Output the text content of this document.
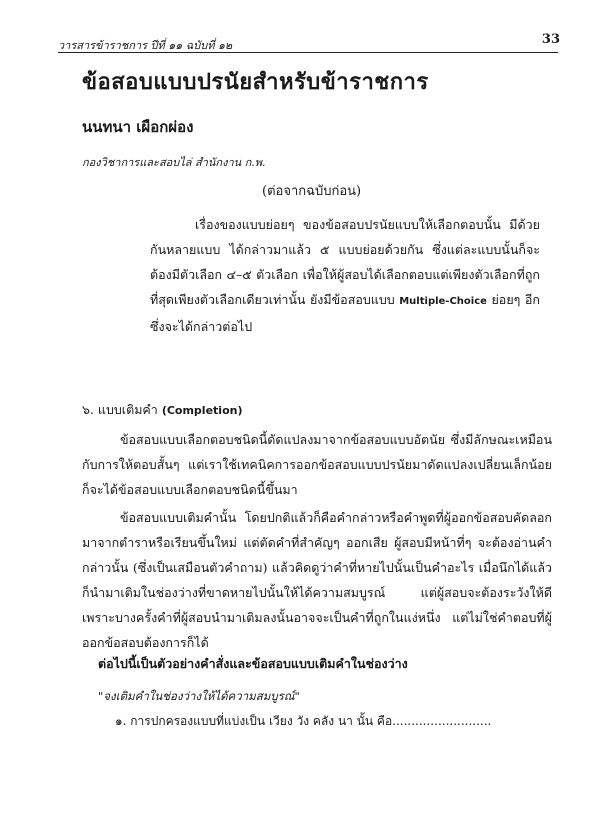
วารสารข้าราชการ ปีที่ ๑๑ ฉบับที่ ๑๒	33
ข้อสอบแบบปรนัยสำหรับข้าราชการ
นนทนา เผือกผ่อง
กองวิชาการและสอบไล่ สำนักงาน ก.พ.
(ต่อจากฉบับก่อน)
เรื่องของแบบย่อยๆ ของข้อสอบปรนัยแบบให้เลือกตอบนั้น มีด้วยกันหลายแบบ ได้กล่าวมาแล้ว ๕ แบบย่อยด้วยกัน ซึ่งแต่ละแบบนั้นก็จะต้องมีตัวเลือก ๔–๕ ตัวเลือก เพื่อให้ผู้สอบได้เลือกตอบแต่เพียงตัวเลือกที่ถูกที่สุดเพียงตัวเลือกเดียวเท่านั้น ยังมีข้อสอบแบบ Multiple-Choice ย่อยๆ อีกซึ่งจะได้กล่าวต่อไป
๖. แบบเติมคำ (Completion)
ข้อสอบแบบเลือกตอบชนิดนี้ดัดแปลงมาจากข้อสอบแบบอัตนัย ซึ่งมีลักษณะเหมือนกับการให้ตอบสั้นๆ แต่เราใช้เทคนิคการออกข้อสอบแบบปรนัยมาดัดแปลงเปลี่ยนเล็กน้อยก็จะได้ข้อสอบแบบเลือกตอบชนิดนี้ขึ้นมา
ข้อสอบแบบเติมคำนั้น โดยปกติแล้วก็คือคำกล่าวหรือคำพูดที่ผู้ออกข้อสอบคัดลอกมาจากตำราหรือเรียนขึ้นใหม่ แต่ตัดคำที่สำคัญๆ ออกเสีย ผู้สอบมีหน้าที่ๆ จะต้องอ่านคำกล่าวนั้น (ซึ่งเป็นเสมือนตัวคำถาม) แล้วคิดดูว่าคำที่หายไปนั้นเป็นคำอะไร เมื่อนึกได้แล้ว ก็นำมาเติมในช่องว่างที่ขาดหายไปนั้นให้ได้ความสมบูรณ์ แต่ผู้สอบจะต้องระวังให้ดี เพราะบางครั้งคำที่ผู้สอบนำมาเติมลงนั้นอาจจะเป็นคำที่ถูกในแง่หนึ่ง แต่ไม่ใช่คำตอบที่ผู้ออกข้อสอบต้องการก็ได้
ต่อไปนี้เป็นตัวอย่างคำสั่งและข้อสอบแบบเติมคำในช่องว่าง
"จงเติมคำในช่องว่างให้ได้ความสมบูรณ์"
๑. การปกครองแบบที่แบ่งเป็น เวียง วัง คลัง นา นั้น คือ..........................
